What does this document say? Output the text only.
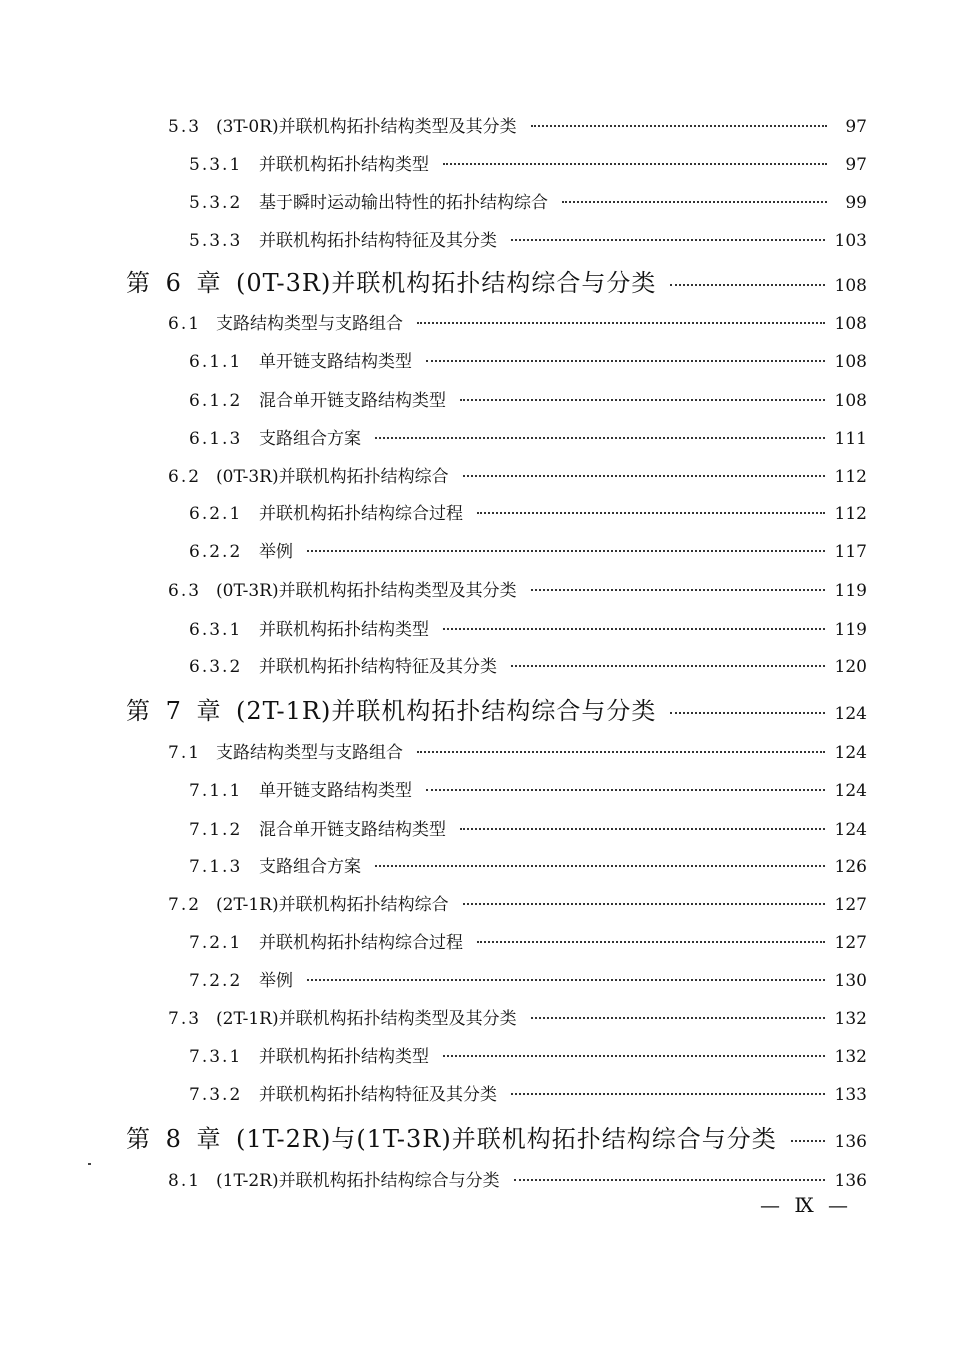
5.3 (3T-0R)并联机构拓扑结构类型及其分类	97
5.3.1 并联机构拓扑结构类型	97
5.3.2 基于瞬时运动输出特性的拓扑结构综合	99
5.3.3 并联机构拓扑结构特征及其分类	103
第 6 章 (0T-3R)并联机构拓扑结构综合与分类	108
6.1 支路结构类型与支路组合	108
6.1.1 单开链支路结构类型	108
6.1.2 混合单开链支路结构类型	108
6.1.3 支路组合方案	111
6.2 (0T-3R)并联机构拓扑结构综合	112
6.2.1 并联机构拓扑结构综合过程	112
6.2.2 举例	117
6.3 (0T-3R)并联机构拓扑结构类型及其分类	119
6.3.1 并联机构拓扑结构类型	119
6.3.2 并联机构拓扑结构特征及其分类	120
第 7 章 (2T-1R)并联机构拓扑结构综合与分类	124
7.1 支路结构类型与支路组合	124
7.1.1 单开链支路结构类型	124
7.1.2 混合单开链支路结构类型	124
7.1.3 支路组合方案	126
7.2 (2T-1R)并联机构拓扑结构综合	127
7.2.1 并联机构拓扑结构综合过程	127
7.2.2 举例	130
7.3 (2T-1R)并联机构拓扑结构类型及其分类	132
7.3.1 并联机构拓扑结构类型	132
7.3.2 并联机构拓扑结构特征及其分类	133
第 8 章 (1T-2R)与(1T-3R)并联机构拓扑结构综合与分类	136
8.1 (1T-2R)并联机构拓扑结构综合与分类	136
— Ⅸ —
